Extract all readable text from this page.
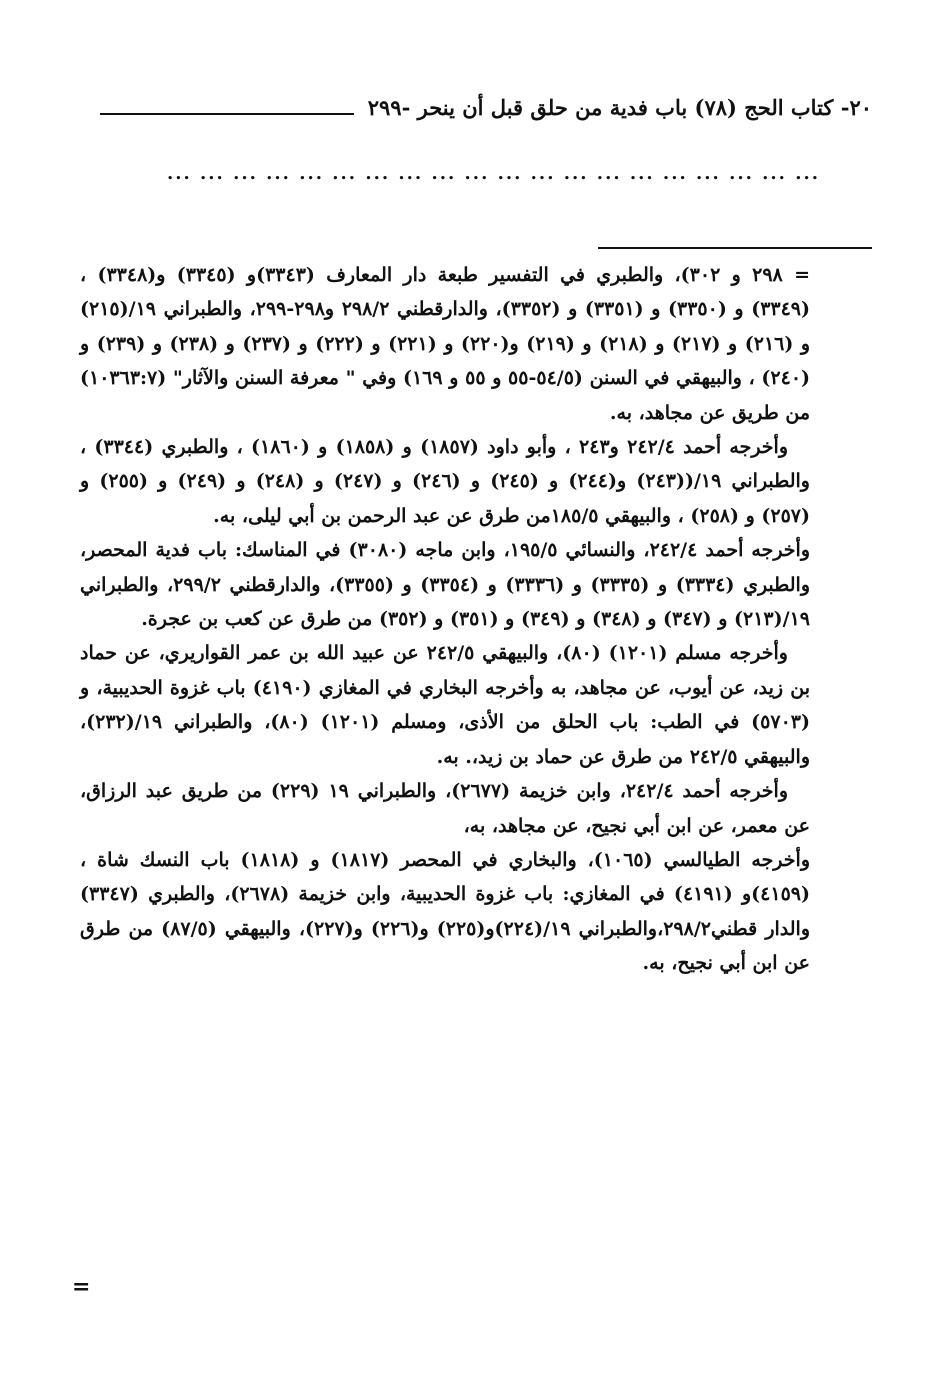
٢٠- كتاب الحج (٧٨) باب فدية من حلق قبل أن ينحر -٢٩٩
... ... ... ... ... ... ... ... ... ... ... ... ... ... ... ... ... ... ... ...

= ٢٩٨ و ٣٠٢)، والطبري في التفسير طبعة دار المعارف (٣٣٤٣)و (٣٣٤٥) و(٣٣٤٨) ، (٣٣٤٩) و (٣٣٥٠) و (٣٣٥١) و (٣٣٥٢)، والدارقطني ٢٩٨/٢ و٢٩٨-٢٩٩، والطبراني ١٩/(٢١٥) و (٢١٦) و (٢١٧) و (٢١٨) و (٢١٩) و(٢٢٠) و (٢٢١) و (٢٢٢) و (٢٣٧) و (٢٣٨) و (٢٣٩) و (٢٤٠) ، والبيهقي في السنن (٥٤/٥-٥٥ و ٥٥ و ١٦٩) وفي " معرفة السنن والآثار" (١٠٣٦٣:٧) من طريق عن مجاهد، به.

وأخرجه أحمد ٢٤٢/٤ و٢٤٣ ، وأبو داود (١٨٥٧) و (١٨٥٨) و (١٨٦٠) ، والطبري (٣٣٤٤) ، والطبراني ١٩/((٢٤٣) و(٢٤٤) و (٢٤٥) و (٢٤٦) و (٢٤٧) و (٢٤٨) و (٢٤٩) و (٢٥٥) و (٢٥٧) و (٢٥٨) ، والبيهقي ١٨٥/٥من طرق عن عبد الرحمن بن أبي ليلى، به.

وأخرجه أحمد ٢٤٢/٤، والنسائي ١٩٥/٥، وابن ماجه (٣٠٨٠) في المناسك: باب فدية المحصر، والطبري (٣٣٣٤) و (٣٣٣٥) و (٣٣٣٦) و (٣٣٥٤) و (٣٣٥٥)، والدارقطني ٢٩٩/٢، والطبراني ١٩/(٢١٣) و (٣٤٧) و (٣٤٨) و (٣٤٩) و (٣٥١) و (٣٥٢) من طرق عن كعب بن عجرة.

وأخرجه مسلم (١٢٠١) (٨٠)، والبيهقي ٢٤٢/٥ عن عبيد الله بن عمر القواريري، عن حماد بن زيد، عن أيوب، عن مجاهد، به وأخرجه البخاري في المغازي (٤١٩٠) باب غزوة الحديبية، و (٥٧٠٣) في الطب: باب الحلق من الأذى، ومسلم (١٢٠١) (٨٠)، والطبراني ١٩/(٢٣٢)، والبيهقي ٢٤٢/٥ من طرق عن حماد بن زيد،. به.

وأخرجه أحمد ٢٤٢/٤، وابن خزيمة (٢٦٧٧)، والطبراني ١٩ (٢٢٩) من طريق عبد الرزاق، عن معمر، عن ابن أبي نجيح، عن مجاهد، به،

وأخرجه الطيالسي (١٠٦٥)، والبخاري في المحصر (١٨١٧) و (١٨١٨) باب النسك شاة ، (٤١٥٩)و (٤١٩١) في المغازي: باب غزوة الحديبية، وابن خزيمة (٢٦٧٨)، والطبري (٣٣٤٧) والدار قطني٢٩٨/٢،والطبراني ١٩/(٢٢٤)و(٢٢٥) و(٢٢٦) و(٢٢٧)، والبيهقي (٨٧/٥) من طرق عن ابن أبي نجيح، به.

=
